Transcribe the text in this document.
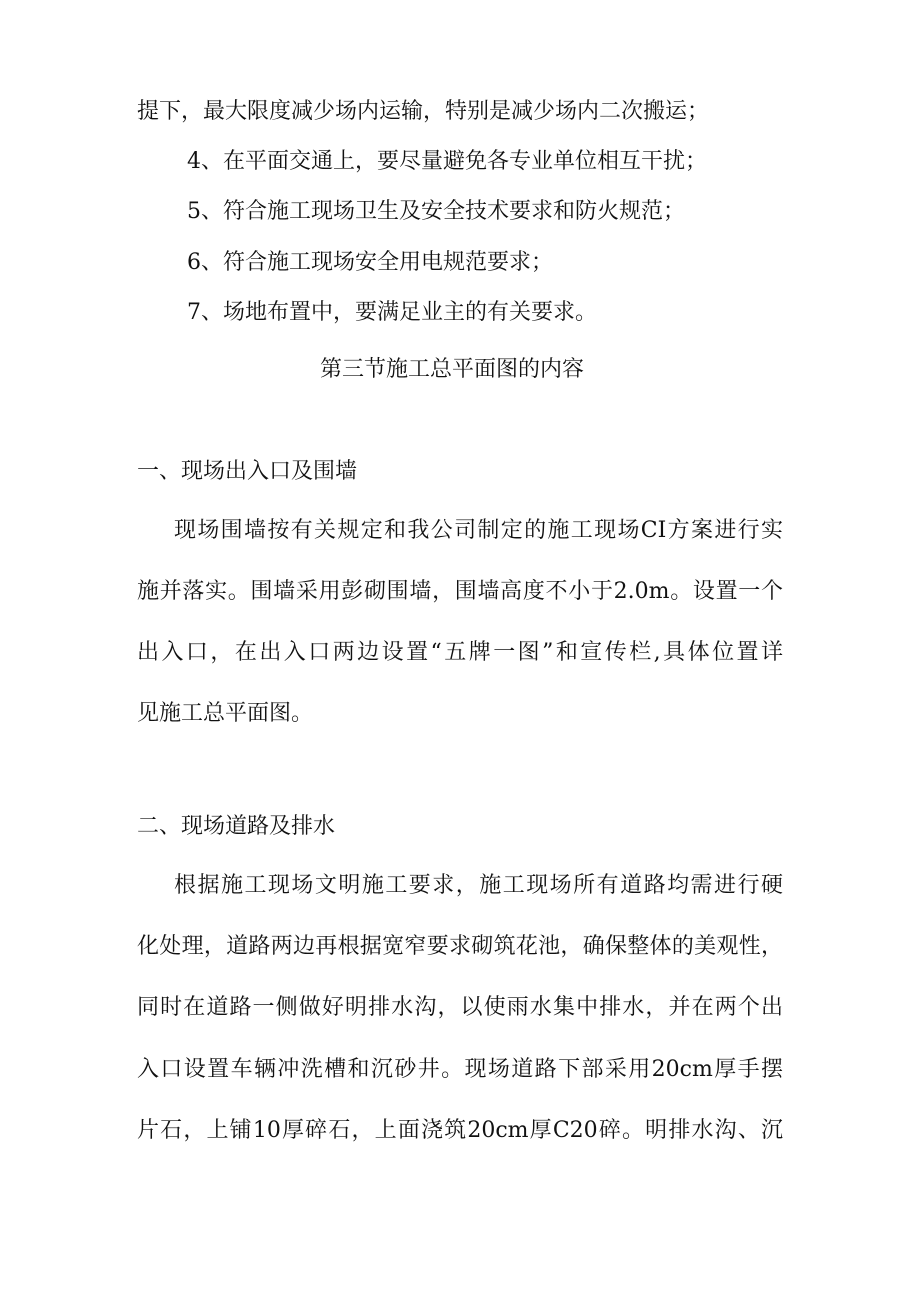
提下，最大限度减少场内运输，特别是减少场内二次搬运；
4、在平面交通上，要尽量避免各专业单位相互干扰；
5、符合施工现场卫生及安全技术要求和防火规范；
6、符合施工现场安全用电规范要求；
7、场地布置中，要满足业主的有关要求。
第三节施工总平面图的内容
一、现场出入口及围墙
现场围墙按有关规定和我公司制定的施工现场CI方案进行实
施并落实。围墙采用彭砌围墙，围墙高度不小于2.0m。设置一个
出入口，在出入口两边设置“五牌一图”和宣传栏,具体位置详
见施工总平面图。
二、现场道路及排水
根据施工现场文明施工要求，施工现场所有道路均需进行硬
化处理，道路两边再根据宽窄要求砌筑花池，确保整体的美观性，
同时在道路一侧做好明排水沟，以使雨水集中排水，并在两个出
入口设置车辆冲洗槽和沉砂井。现场道路下部采用20cm厚手摆
片石，上铺10厚碎石，上面浇筑20cm厚C20碎。明排水沟、沉
